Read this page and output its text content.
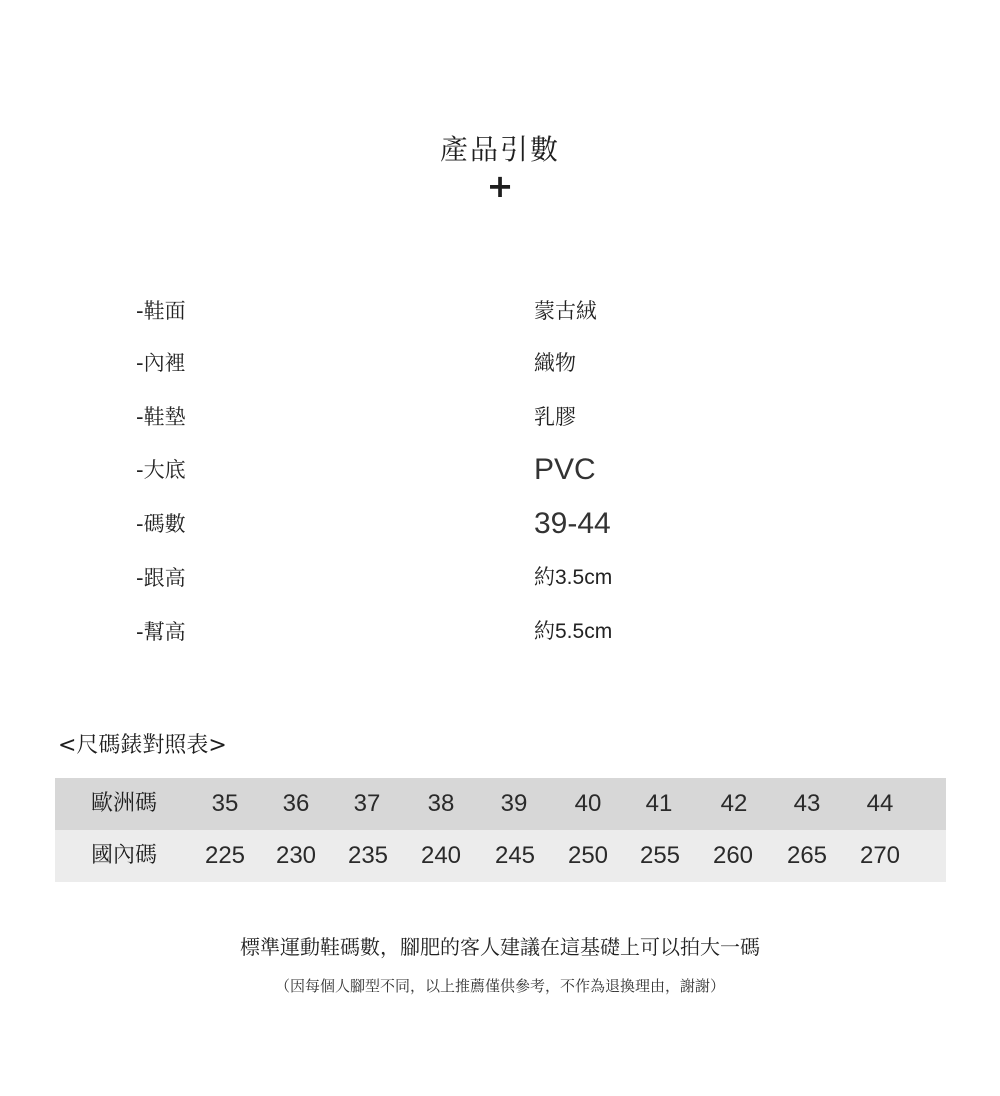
產品引數
+
-鞋面	蒙古絨
-內裡	織物
-鞋墊	乳膠
-大底	PVC
-碼數	39-44
-跟高	約3.5cm
-幫高	約5.5cm
<尺碼錶對照表>
歐洲碼	35	36	37	38	39	40	41	42	43	44
國內碼	225	230	235	240	245	250	255	260	265	270
標準運動鞋碼數，腳肥的客人建議在這基礎上可以拍大一碼
（因每個人腳型不同，以上推薦僅供參考，不作為退換理由，謝謝）
